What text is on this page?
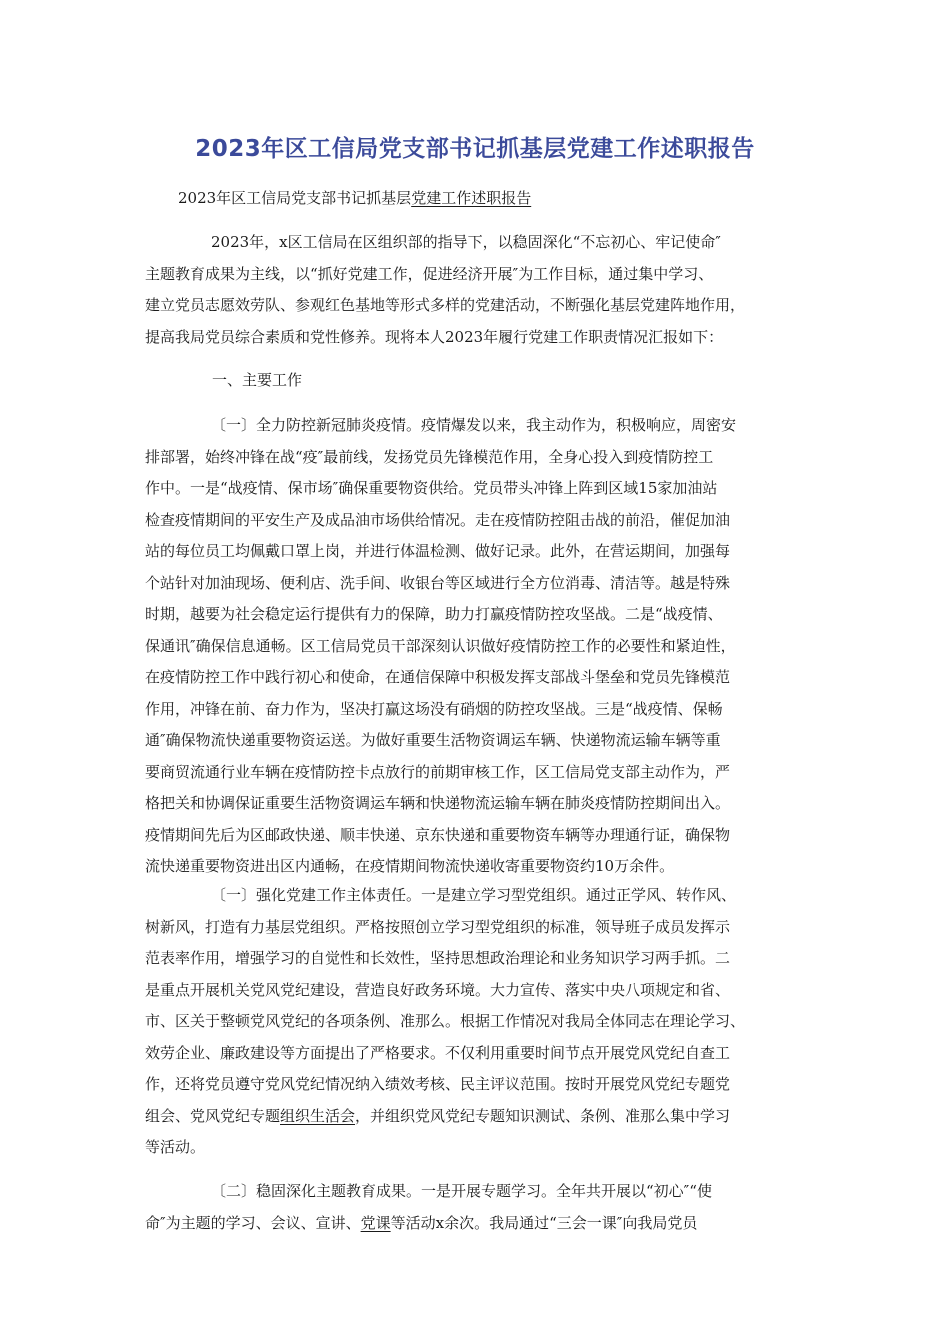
2023年区工信局党支部书记抓基层党建工作述职报告
2023年区工信局党支部书记抓基层党建工作述职报告
2023年，x区工信局在区组织部的指导下，以稳固深化“不忘初心、牢记使命″
主题教育成果为主线，以“抓好党建工作，促进经济开展″为工作目标，通过集中学习、
建立党员志愿效劳队、参观红色基地等形式多样的党建活动，不断强化基层党建阵地作用，
提高我局党员综合素质和党性修养。现将本人2023年履行党建工作职责情况汇报如下：
一、主要工作
〔一〕全力防控新冠肺炎疫情。疫情爆发以来，我主动作为，积极响应，周密安
排部署，始终冲锋在战“疫″最前线，发扬党员先锋模范作用，全身心投入到疫情防控工
作中。一是“战疫情、保市场″确保重要物资供给。党员带头冲锋上阵到区域15家加油站
检查疫情期间的平安生产及成品油市场供给情况。走在疫情防控阻击战的前沿，催促加油
站的每位员工均佩戴口罩上岗，并进行体温检测、做好记录。此外，在营运期间，加强每
个站针对加油现场、便利店、洗手间、收银台等区域进行全方位消毒、清洁等。越是特殊
时期，越要为社会稳定运行提供有力的保障，助力打赢疫情防控攻坚战。二是“战疫情、
保通讯″确保信息通畅。区工信局党员干部深刻认识做好疫情防控工作的必要性和紧迫性，
在疫情防控工作中践行初心和使命，在通信保障中积极发挥支部战斗堡垒和党员先锋模范
作用，冲锋在前、奋力作为，坚决打赢这场没有硝烟的防控攻坚战。三是“战疫情、保畅
通″确保物流快递重要物资运送。为做好重要生活物资调运车辆、快递物流运输车辆等重
要商贸流通行业车辆在疫情防控卡点放行的前期审核工作，区工信局党支部主动作为，严
格把关和协调保证重要生活物资调运车辆和快递物流运输车辆在肺炎疫情防控期间出入。
疫情期间先后为区邮政快递、顺丰快递、京东快递和重要物资车辆等办理通行证，确保物
流快递重要物资进出区内通畅，在疫情期间物流快递收寄重要物资约10万余件。
〔一〕强化党建工作主体责任。一是建立学习型党组织。通过正学风、转作风、
树新风，打造有力基层党组织。严格按照创立学习型党组织的标准，领导班子成员发挥示
范表率作用，增强学习的自觉性和长效性，坚持思想政治理论和业务知识学习两手抓。二
是重点开展机关党风党纪建设，营造良好政务环境。大力宣传、落实中央八项规定和省、
市、区关于整顿党风党纪的各项条例、准那么。根据工作情况对我局全体同志在理论学习、
效劳企业、廉政建设等方面提出了严格要求。不仅利用重要时间节点开展党风党纪自查工
作，还将党员遵守党风党纪情况纳入绩效考核、民主评议范围。按时开展党风党纪专题党
组会、党风党纪专题组织生活会，并组织党风党纪专题知识测试、条例、准那么集中学习
等活动。
〔二〕稳固深化主题教育成果。一是开展专题学习。全年共开展以“初心″“使
命″为主题的学习、会议、宣讲、党课等活动x余次。我局通过“三会一课″向我局党员
